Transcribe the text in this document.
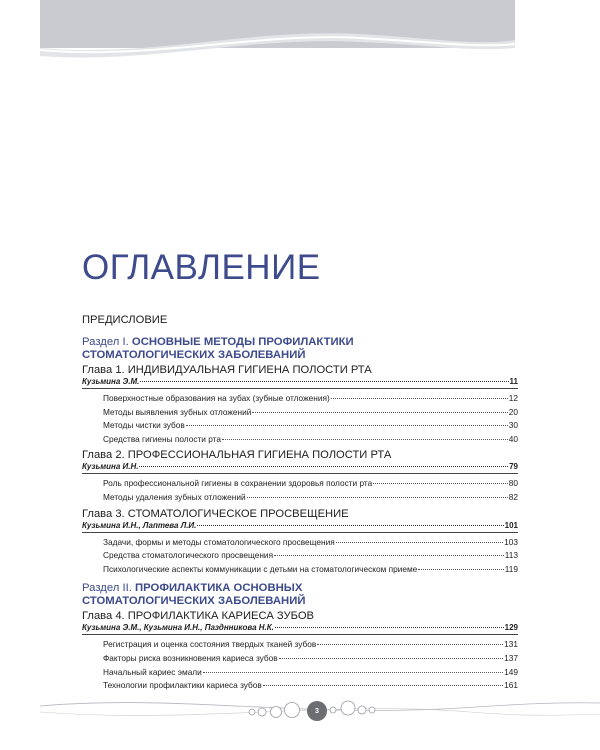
ОГЛАВЛЕНИЕ
ПРЕДИСЛОВИЕ
Раздел I. ОСНОВНЫЕ МЕТОДЫ ПРОФИЛАКТИКИ
СТОМАТОЛОГИЧЕСКИХ ЗАБОЛЕВАНИЙ
Глава 1. ИНДИВИДУАЛЬНАЯ ГИГИЕНА ПОЛОСТИ РТА
Кузьмина Э.М.	11
Поверхностные образования на зубах (зубные отложения)	12
Методы выявления зубных отложений	20
Методы чистки зубов	30
Средства гигиены полости рта	40
Глава 2. ПРОФЕССИОНАЛЬНАЯ ГИГИЕНА ПОЛОСТИ РТА
Кузьмина И.Н.	79
Роль профессиональной гигиены в сохранении здоровья полости рта	80
Методы удаления зубных отложений	82
Глава 3. СТОМАТОЛОГИЧЕСКОЕ ПРОСВЕЩЕНИЕ
Кузьмина И.Н., Лаптева Л.И.	101
Задачи, формы и методы стоматологического просвещения	103
Средства стоматологического просвещения	113
Психологические аспекты коммуникации с детьми на стоматологическом приеме	119
Раздел II. ПРОФИЛАКТИКА ОСНОВНЫХ
СТОМАТОЛОГИЧЕСКИХ ЗАБОЛЕВАНИЙ
Глава 4. ПРОФИЛАКТИКА КАРИЕСА ЗУБОВ
Кузьмина Э.М., Кузьмина И.Н., Пазднникова Н.К.	129
Регистрация и оценка состояния твердых тканей зубов	131
Факторы риска возникновения кариеса зубов	137
Начальный кариес эмали	149
Технологии профилактики кариеса зубов	161
3
